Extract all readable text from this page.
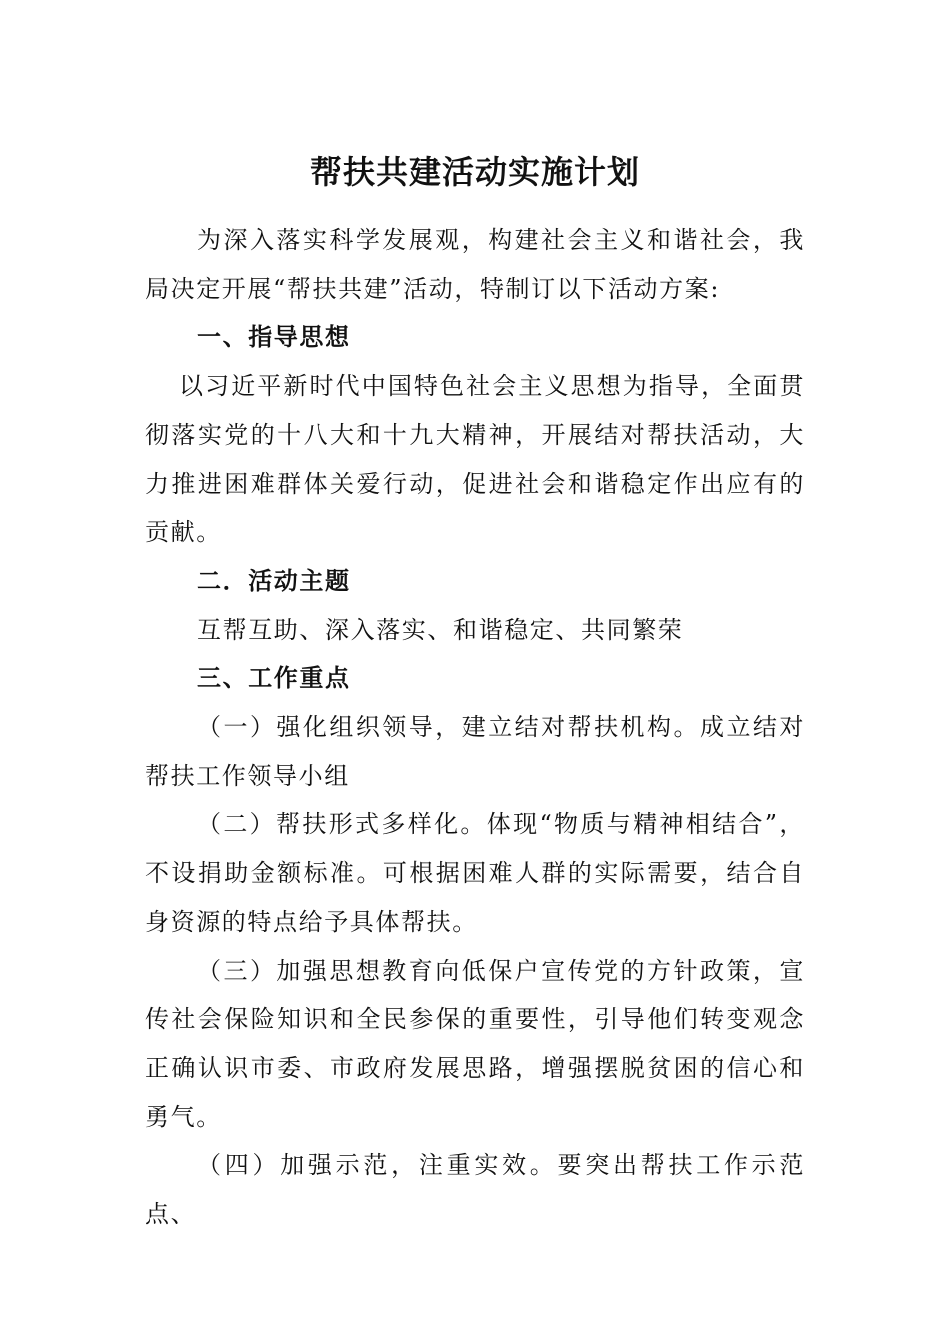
帮扶共建活动实施计划

为深入落实科学发展观，构建社会主义和谐社会，我局决定开展“帮扶共建”活动，特制订以下活动方案:

一、指导思想

以习近平新时代中国特色社会主义思想为指导，全面贯彻落实党的十八大和十九大精神，开展结对帮扶活动，大力推进困难群体关爱行动，促进社会和谐稳定作出应有的贡献。

二．活动主题

互帮互助、深入落实、和谐稳定、共同繁荣

三、工作重点

（一）强化组织领导，建立结对帮扶机构。成立结对帮扶工作领导小组

（二）帮扶形式多样化。体现“物质与精神相结合”，不设捐助金额标准。可根据困难人群的实际需要，结合自身资源的特点给予具体帮扶。

（三）加强思想教育向低保户宣传党的方针政策，宣传社会保险知识和全民参保的重要性，引导他们转变观念正确认识市委、市政府发展思路，增强摆脱贫困的信心和勇气。

（四）加强示范，注重实效。要突出帮扶工作示范点、
